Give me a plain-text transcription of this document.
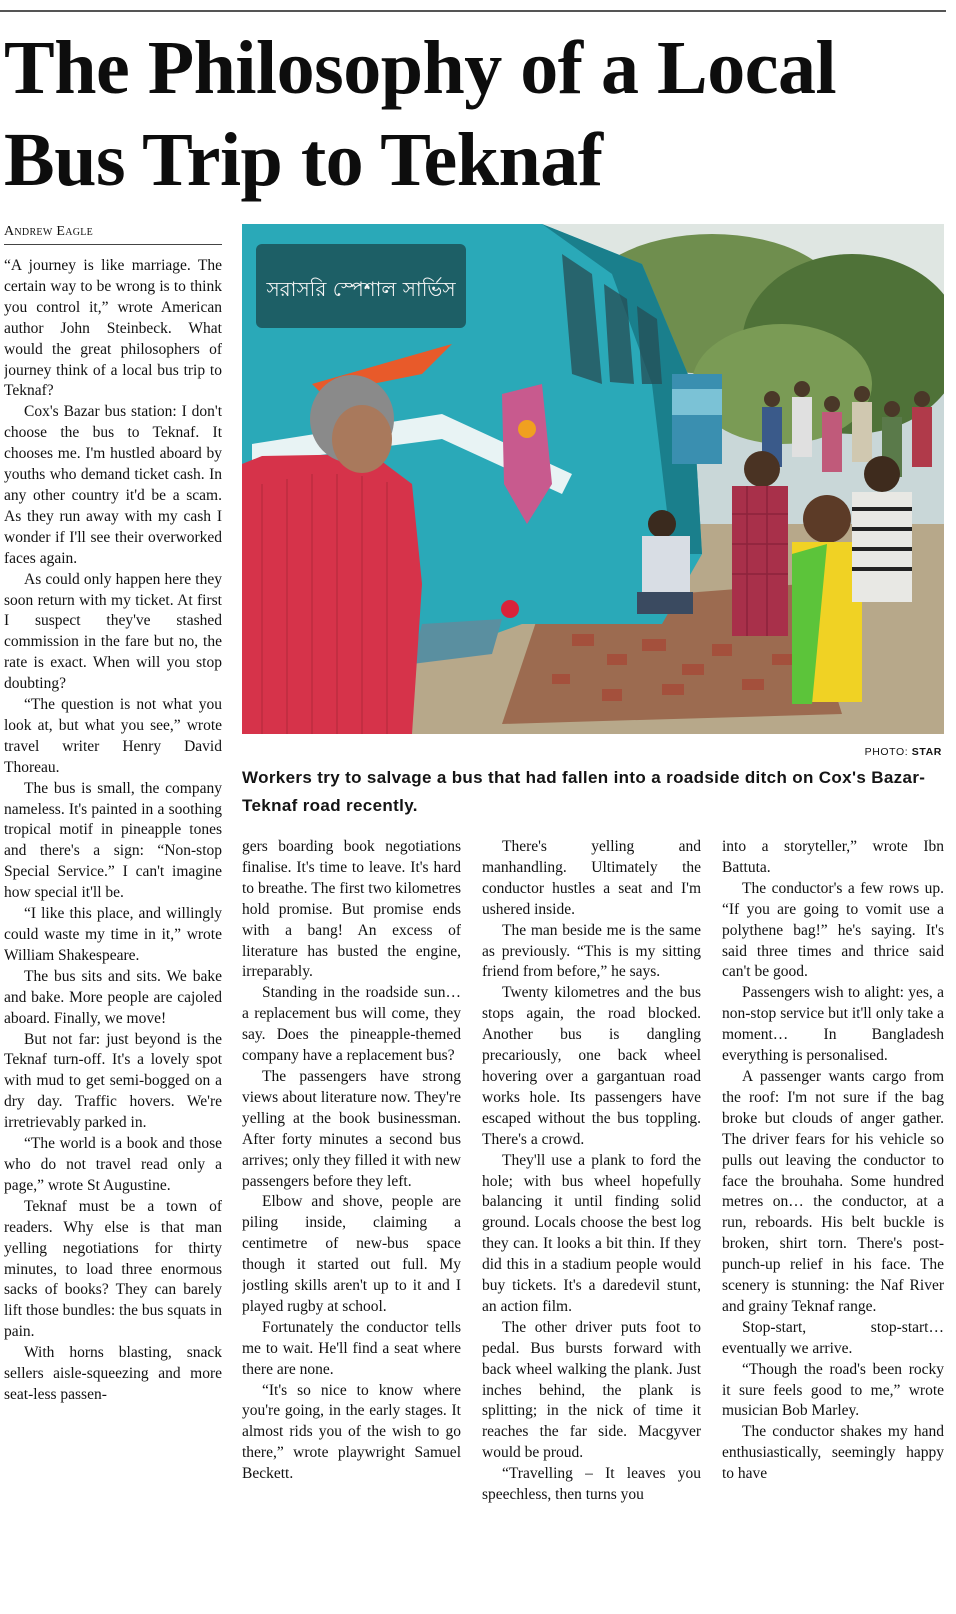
The Philosophy of a Local Bus Trip to Teknaf
Andrew Eagle

“A journey is like marriage. The certain way to be wrong is to think you control it,” wrote American author John Steinbeck. What would the great philosophers of journey think of a local bus trip to Teknaf?

Cox's Bazar bus station: I don't choose the bus to Teknaf. It chooses me. I'm hustled aboard by youths who demand ticket cash. In any other country it'd be a scam. As they run away with my cash I wonder if I'll see their overworked faces again.

As could only happen here they soon return with my ticket. At first I suspect they've stashed commission in the fare but no, the rate is exact. When will you stop doubting?

“The question is not what you look at, but what you see,” wrote travel writer Henry David Thoreau.

The bus is small, the company nameless. It's painted in a soothing tropical motif in pineapple tones and there's a sign: “Non-stop Special Service.” I can't imagine how special it'll be.

“I like this place, and willingly could waste my time in it,” wrote William Shakespeare.

The bus sits and sits. We bake and bake. More people are cajoled aboard. Finally, we move!

But not far: just beyond is the Teknaf turn-off. It's a lovely spot with mud to get semi-bogged on a dry day. Traffic hovers. We're irretrievably parked in.

“The world is a book and those who do not travel read only a page,” wrote St Augustine.

Teknaf must be a town of readers. Why else is that man yelling negotiations for thirty minutes, to load three enormous sacks of books? They can barely lift those bundles: the bus squats in pain.

With horns blasting, snack sellers aisle-squeezing and more seat-less passen-

সরাসরি স্পেশাল সার্ভিস
PHOTO: STAR

Workers try to salvage a bus that had fallen into a roadside ditch on Cox's Bazar-Teknaf road recently.

gers boarding book negotiations finalise. It's time to leave. It's hard to breathe. The first two kilometres hold promise. But promise ends with a bang! An excess of literature has busted the engine, irreparably.

Standing in the roadside sun… a replacement bus will come, they say. Does the pineapple-themed company have a replacement bus?

The passengers have strong views about literature now. They're yelling at the book businessman. After forty minutes a second bus arrives; only they filled it with new passengers before they left.

Elbow and shove, people are piling inside, claiming a centimetre of new-bus space though it started out full. My jostling skills aren't up to it and I played rugby at school.

Fortunately the conductor tells me to wait. He'll find a seat where there are none.

“It's so nice to know where you're going, in the early stages. It almost rids you of the wish to go there,” wrote playwright Samuel Beckett.

There's yelling and manhandling. Ultimately the conductor hustles a seat and I'm ushered inside.

The man beside me is the same as previously. “This is my sitting friend from before,” he says.

Twenty kilometres and the bus stops again, the road blocked. Another bus is dangling precariously, one back wheel hovering over a gargantuan road works hole. Its passengers have escaped without the bus toppling. There's a crowd.

They'll use a plank to ford the hole; with bus wheel hopefully balancing it until finding solid ground. Locals choose the best log they can. It looks a bit thin. If they did this in a stadium people would buy tickets. It's a daredevil stunt, an action film.

The other driver puts foot to pedal. Bus bursts forward with back wheel walking the plank. Just inches behind, the plank is splitting; in the nick of time it reaches the far side. Macgyver would be proud.

“Travelling – It leaves you speechless, then turns you

into a storyteller,” wrote Ibn Battuta.

The conductor's a few rows up. “If you are going to vomit use a polythene bag!” he's saying. It's said three times and thrice said can't be good.

Passengers wish to alight: yes, a non-stop service but it'll only take a moment… In Bangladesh everything is personalised.

A passenger wants cargo from the roof: I'm not sure if the bag broke but clouds of anger gather. The driver fears for his vehicle so pulls out leaving the conductor to face the brouhaha. Some hundred metres on… the conductor, at a run, reboards. His belt buckle is broken, shirt torn. There's post-punch-up relief in his face. The scenery is stunning: the Naf River and grainy Teknaf range.

Stop-start, stop-start… eventually we arrive.

“Though the road's been rocky it sure feels good to me,” wrote musician Bob Marley.

The conductor shakes my hand enthusiastically, seemingly happy to have
